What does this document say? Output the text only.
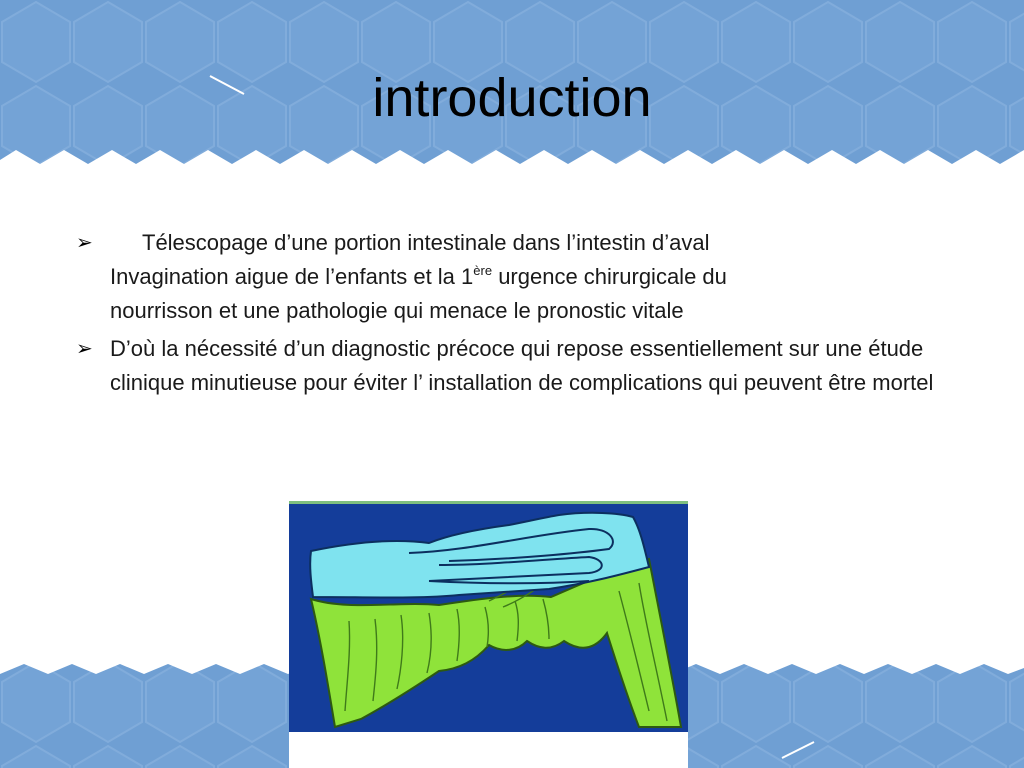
introduction
➢ Télescopage d’une portion intestinale dans l’intestin d’aval
Invagination aigue de l’enfants et la 1ère urgence chirurgicale du
nourrisson et une pathologie qui menace le pronostic vitale
➢ D’où la nécessité d’un diagnostic précoce qui repose essentiellement sur une étude clinique minutieuse pour éviter l’ installation de complications qui peuvent être mortel
